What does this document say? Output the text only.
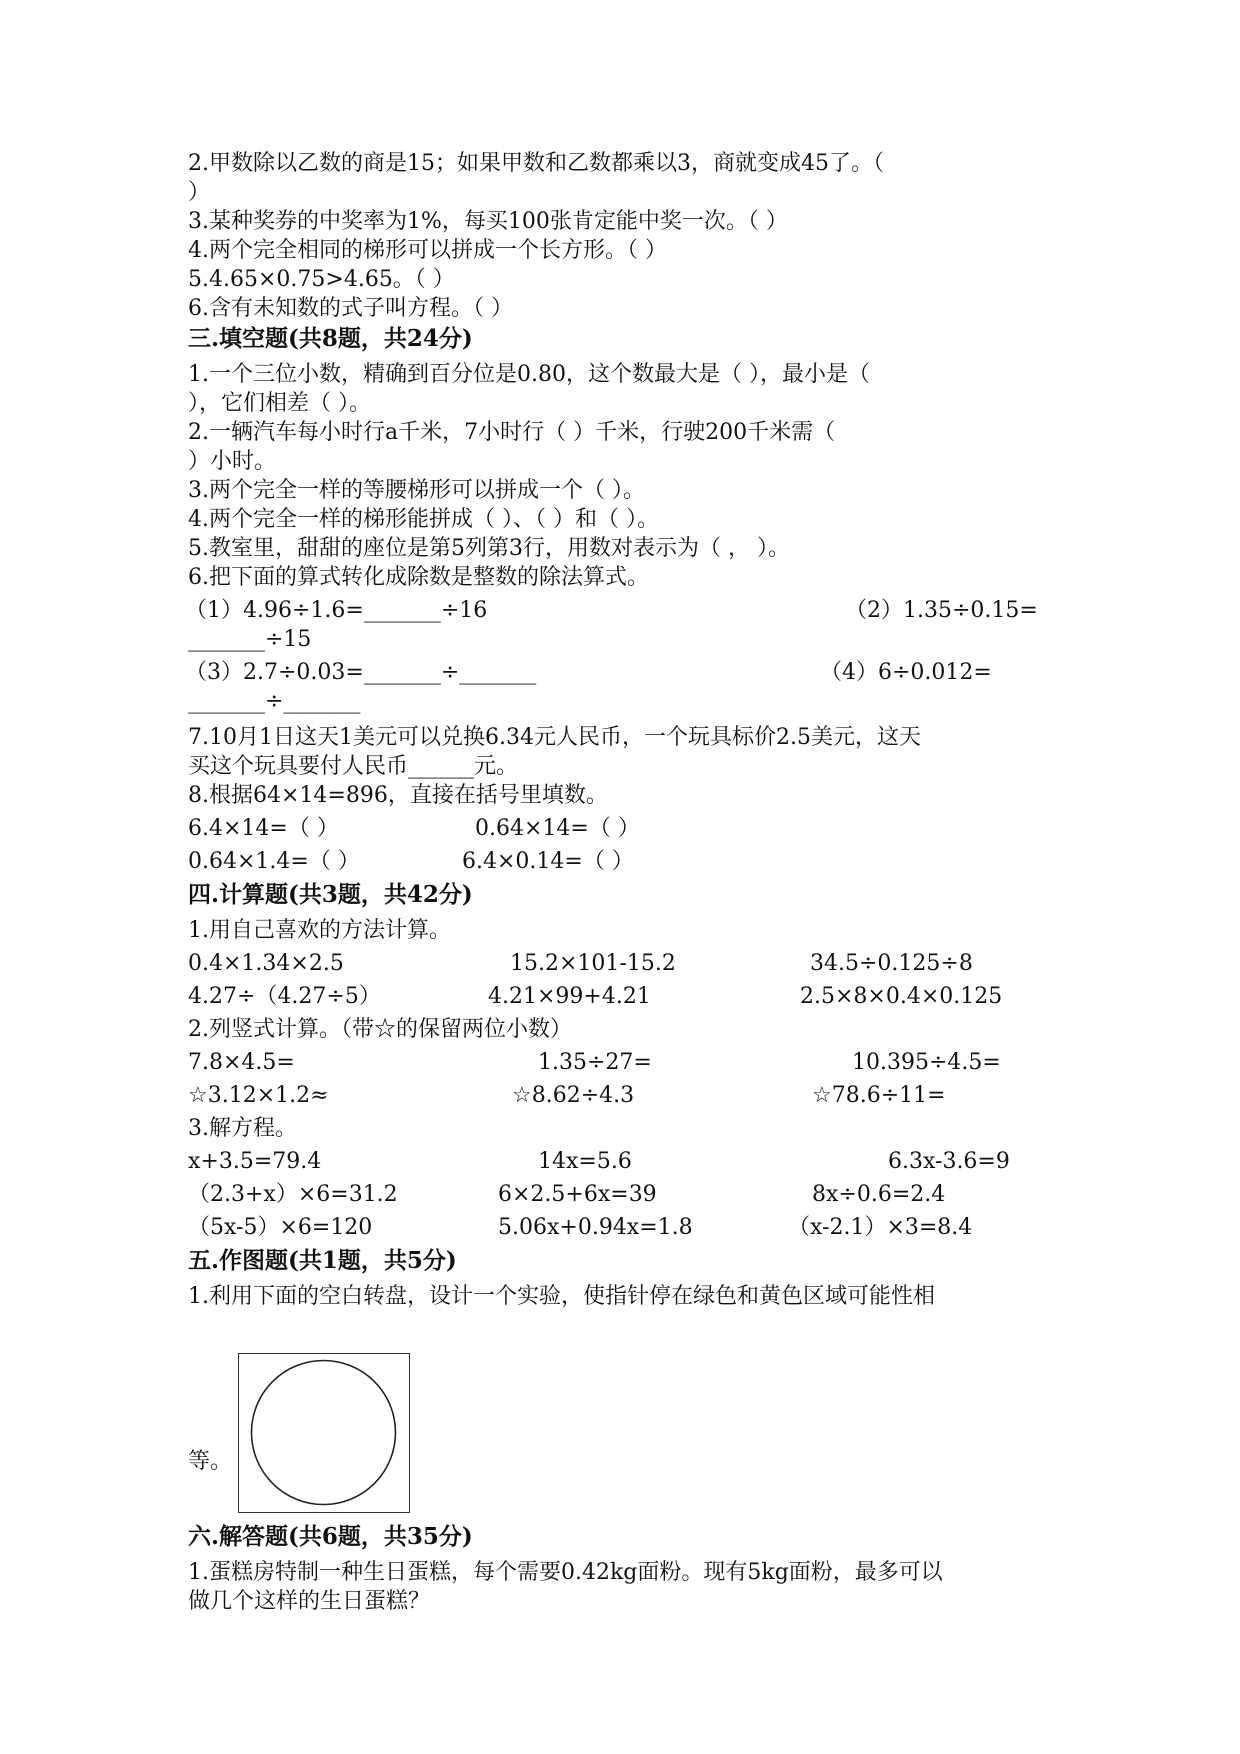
2.甲数除以乙数的商是15；如果甲数和乙数都乘以3，商就变成45了。（
）
3.某种奖券的中奖率为1%，每买100张肯定能中奖一次。（ ）
4.两个完全相同的梯形可以拼成一个长方形。（ ）
5.4.65×0.75>4.65。（ ）
6.含有未知数的式子叫方程。（ ）
三.填空题(共8题，共24分)
1.一个三位小数，精确到百分位是0.80，这个数最大是（ ），最小是（
），它们相差（ ）。
2.一辆汽车每小时行a千米，7小时行（ ）千米，行驶200千米需（
）小时。
3.两个完全一样的等腰梯形可以拼成一个（ ）。
4.两个完全一样的梯形能拼成（ ）、（ ）和（ ）。
5.教室里，甜甜的座位是第5列第3行，用数对表示为（ ， ）。
6.把下面的算式转化成除数是整数的除法算式。
（1）4.96÷1.6=_______÷16	（2）1.35÷0.15=
_______÷15
（3）2.7÷0.03=_______÷_______	（4）6÷0.012=
_______÷_______
7.10月1日这天1美元可以兑换6.34元人民币，一个玩具标价2.5美元，这天
买这个玩具要付人民币______元。
8.根据64×14=896，直接在括号里填数。
6.4×14=（ ）	0.64×14=（ ）
0.64×1.4=（ ）	6.4×0.14=（ ）
四.计算题(共3题，共42分)
1.用自己喜欢的方法计算。
0.4×1.34×2.5	15.2×101-15.2	34.5÷0.125÷8
4.27÷（4.27÷5）	4.21×99+4.21	2.5×8×0.4×0.125
2.列竖式计算。（带☆的保留两位小数）
7.8×4.5=	1.35÷27=	10.395÷4.5=
☆3.12×1.2≈	☆8.62÷4.3	☆78.6÷11=
3.解方程。
x+3.5=79.4	14x=5.6	6.3x-3.6=9
（2.3+x）×6=31.2	6×2.5+6x=39	8x÷0.6=2.4
（5x-5）×6=120	5.06x+0.94x=1.8	（x-2.1）×3=8.4
五.作图题(共1题，共5分)
1.利用下面的空白转盘，设计一个实验，使指针停在绿色和黄色区域可能性相
等。
六.解答题(共6题，共35分)
1.蛋糕房特制一种生日蛋糕，每个需要0.42kg面粉。现有5kg面粉，最多可以
做几个这样的生日蛋糕？
